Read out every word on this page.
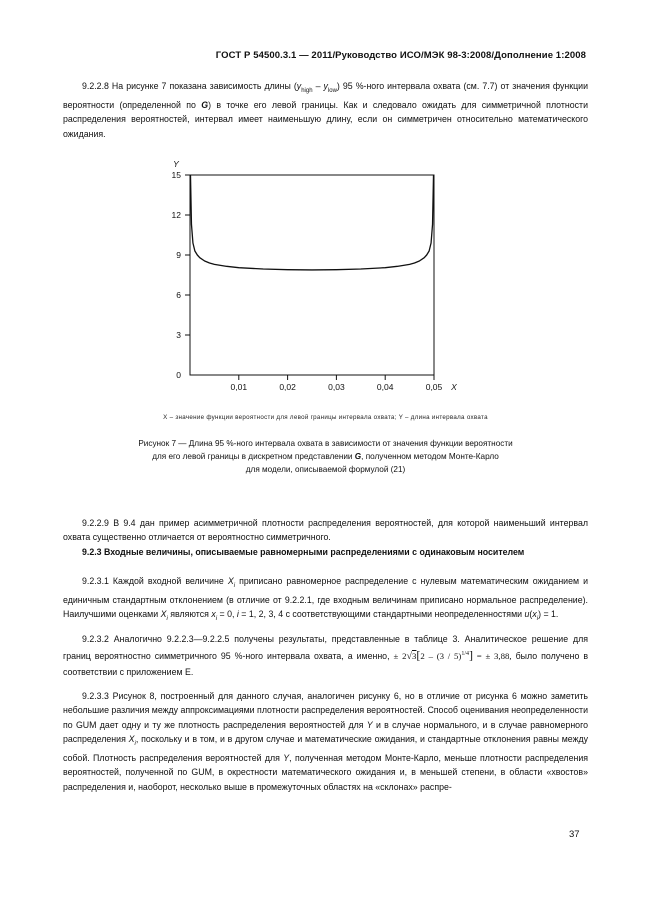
ГОСТ Р 54500.3.1 — 2011/Руководство ИСО/МЭК 98-3:2008/Дополнение 1:2008

9.2.2.8 На рисунке 7 показана зависимость длины $(y_{high} - y_{low})$ 95 %-ного интервала охвата (см. 7.7) от значения функции вероятности (определенной по G) в точке его левой границы. Как и следовало ожидать для симметричной плотности распределения вероятностей, интервал имеет наименьшую длину, если он симметричен относительно математического ожидания.

0
3
6
9
12
15
0,01	0,02	0,03	0,04	0,05
Y
X
X – значение функции вероятности для левой границы интервала охвата; Y – длина интервала охвата
Рисунок 7 — Длина 95 %-ного интервала охвата в зависимости от значения функции вероятности
для его левой границы в дискретном представлении G, полученном методом Монте-Карло
для модели, описываемой формулой (21)

9.2.2.9 В 9.4 дан пример асимметричной плотности распределения вероятностей, для которой наименьший интервал охвата существенно отличается от вероятностно симметричного.

9.2.3 Входные величины, описываемые равномерными распределениями с одинаковым носителем

9.2.3.1 Каждой входной величине $X_i$ приписано равномерное распределение с нулевым математическим ожиданием и единичным стандартным отклонением (в отличие от 9.2.2.1, где входным величинам приписано нормальное распределение). Наилучшими оценками $X_i$ являются $x_i = 0$, i = 1, 2, 3, 4 с соответствующими стандартными неопределенностями $u(x_i) = 1$.

9.2.3.2 Аналогично 9.2.2.3—9.2.2.5 получены результаты, представленные в таблице 3. Аналитическое решение для границ вероятностно симметричного 95 %-ного интервала охвата, а именно, ± 2√3[2 – (3 / 5)$^{1/4}$] = ± 3,88, было получено в соответствии с приложением Е.

9.2.3.3 Рисунок 8, построенный для данного случая, аналогичен рисунку 6, но в отличие от рисунка 6 можно заметить небольшие различия между аппроксимациями плотности распределения вероятностей. Способ оценивания неопределенности по GUM дает одну и ту же плотность распределения вероятностей для Y и в случае нормального, и в случае равномерного распределения $X_i$, поскольку и в том, и в другом случае и математические ожидания, и стандартные отклонения равны между собой. Плотность распределения вероятностей для Y, полученная методом Монте-Карло, меньше плотности распределения вероятностей, полученной по GUM, в окрестности математического ожидания и, в меньшей степени, в области «хвостов» распределения и, наоборот, несколько выше в промежуточных областях на «склонах» распре-

37
